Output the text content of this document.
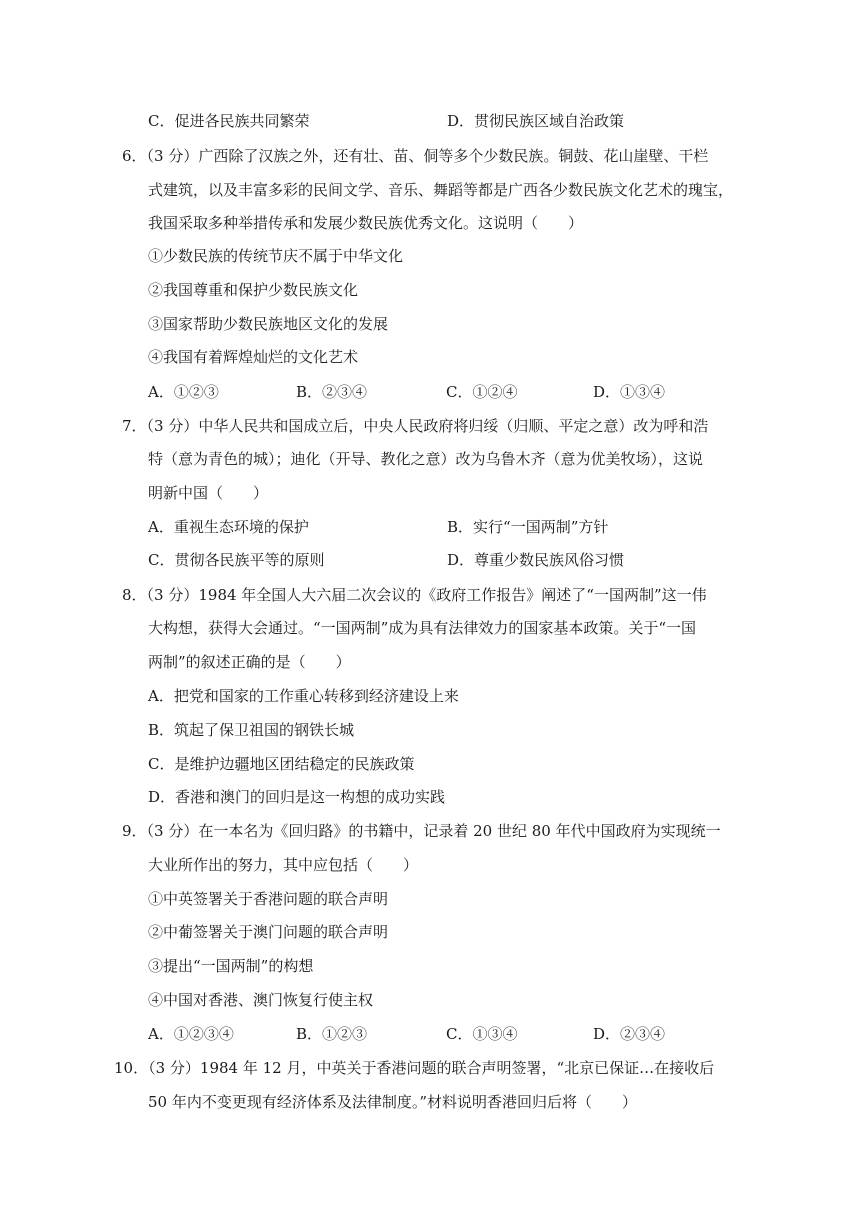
C．促进各民族共同繁荣	D．贯彻民族区域自治政策
6．（3 分）广西除了汉族之外，还有壮、苗、侗等多个少数民族。铜鼓、花山崖壁、干栏
式建筑，以及丰富多彩的民间文学、音乐、舞蹈等都是广西各少数民族文化艺术的瑰宝，
我国采取多种举措传承和发展少数民族优秀文化。这说明（　　）
①少数民族的传统节庆不属于中华文化
②我国尊重和保护少数民族文化
③国家帮助少数民族地区文化的发展
④我国有着辉煌灿烂的文化艺术
A．①②③	B．②③④	C．①②④	D．①③④
7．（3 分）中华人民共和国成立后，中央人民政府将归绥（归顺、平定之意）改为呼和浩
特（意为青色的城）；迪化（开导、教化之意）改为乌鲁木齐（意为优美牧场），这说
明新中国（　　）
A．重视生态环境的保护	B．实行“一国两制”方针
C．贯彻各民族平等的原则	D．尊重少数民族风俗习惯
8．（3 分）1984 年全国人大六届二次会议的《政府工作报告》阐述了“一国两制”这一伟
大构想，获得大会通过。“一国两制”成为具有法律效力的国家基本政策。关于“一国
两制”的叙述正确的是（　　）
A．把党和国家的工作重心转移到经济建设上来
B．筑起了保卫祖国的钢铁长城
C．是维护边疆地区团结稳定的民族政策
D．香港和澳门的回归是这一构想的成功实践
9．（3 分）在一本名为《回归路》的书籍中，记录着 20 世纪 80 年代中国政府为实现统一
大业所作出的努力，其中应包括（　　）
①中英签署关于香港问题的联合声明
②中葡签署关于澳门问题的联合声明
③提出“一国两制”的构想
④中国对香港、澳门恢复行使主权
A．①②③④	B．①②③	C．①③④	D．②③④
10．（3 分）1984 年 12 月，中英关于香港问题的联合声明签署，“北京已保证…在接收后
50 年内不变更现有经济体系及法律制度。”材料说明香港回归后将（　　）
